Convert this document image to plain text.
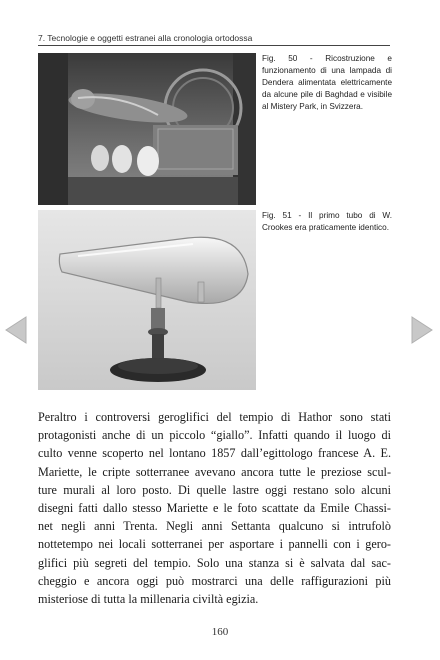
7. Tecnologie e oggetti estranei alla cronologia ortodossa
Fig. 50 - Ricostruzione e funzionamento di una lampada di Dendera alimentata elettricamente da alcune pile di Baghdad e visibile al Mistery Park, in Svizzera.
Fig. 51 - Il primo tubo di W. Crookes era praticamente identico.
Peraltro i controversi geroglifici del tempio di Hathor sono stati
protagonisti anche di un piccolo “giallo”. Infatti quando il luogo di
culto venne scoperto nel lontano 1857 dall’egittologo francese A. E.
Mariette, le cripte sotterranee avevano ancora tutte le preziose scul-
ture murali al loro posto. Di quelle lastre oggi restano solo alcuni
disegni fatti dallo stesso Mariette e le foto scattate da Emile Chassi-
net negli anni Trenta. Negli anni Settanta qualcuno si intrufolò
nottetempo nei locali sotterranei per asportare i pannelli con i gero-
glifici più segreti del tempio. Solo una stanza si è salvata dal sac-
cheggio e ancora oggi può mostrarci una delle raffigurazioni più
misteriose di tutta la millenaria civiltà egizia.
160
